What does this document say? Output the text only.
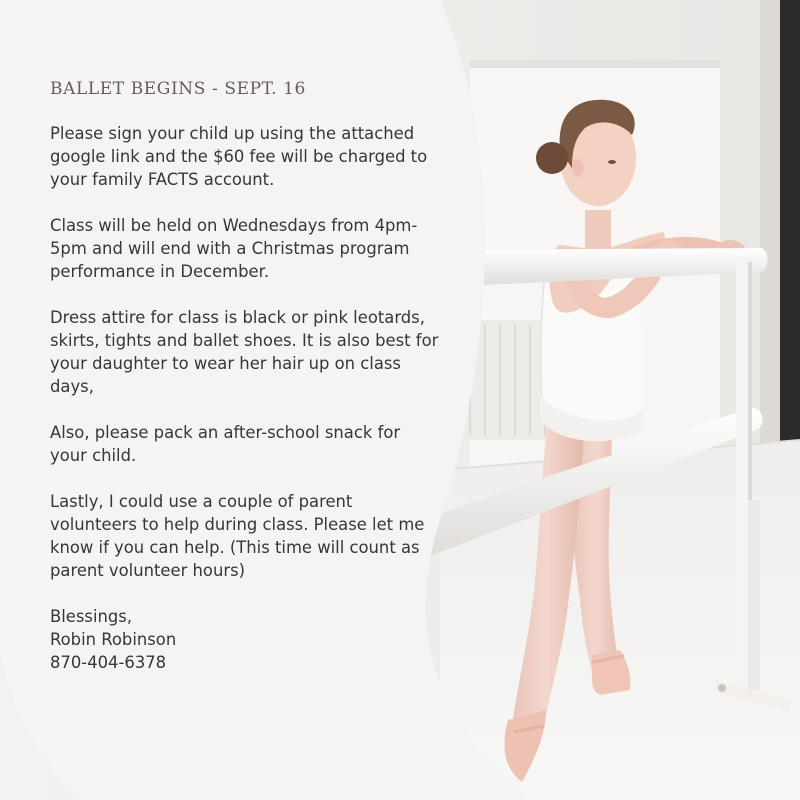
BALLET BEGINS - SEPT. 16
Please sign your child up using the attached google link and the $60 fee will be charged to your family FACTS account.
Class will be held on Wednesdays from 4pm-5pm and will end with a Christmas program performance in December.
Dress attire for class is black or pink leotards, skirts, tights and ballet shoes. It is also best for your daughter to wear her hair up on class days,
Also, please pack an after-school snack for your child.
Lastly, I could use a couple of parent volunteers to help during class. Please let me know if you can help. (This time will count as parent volunteer hours)
Blessings,
Robin Robinson
870-404-6378
